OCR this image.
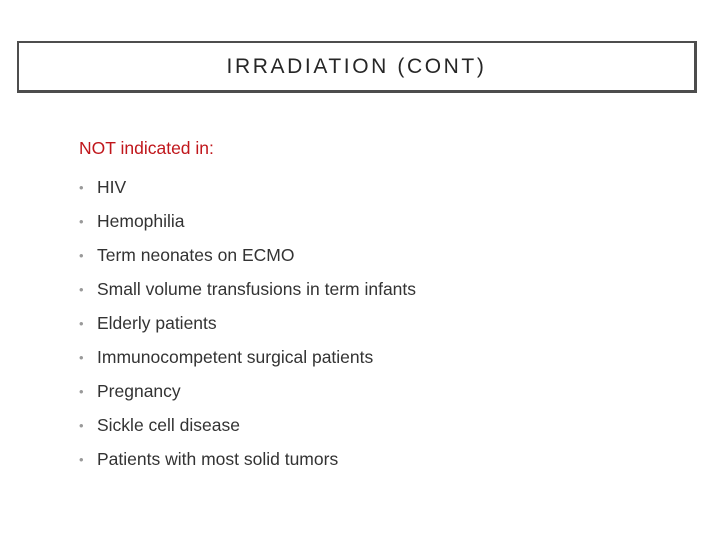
IRRADIATION (CONT)
NOT indicated in:
• HIV
• Hemophilia
• Term neonates on ECMO
• Small volume transfusions in term infants
• Elderly patients
• Immunocompetent surgical patients
• Pregnancy
• Sickle cell disease
• Patients with most solid tumors
